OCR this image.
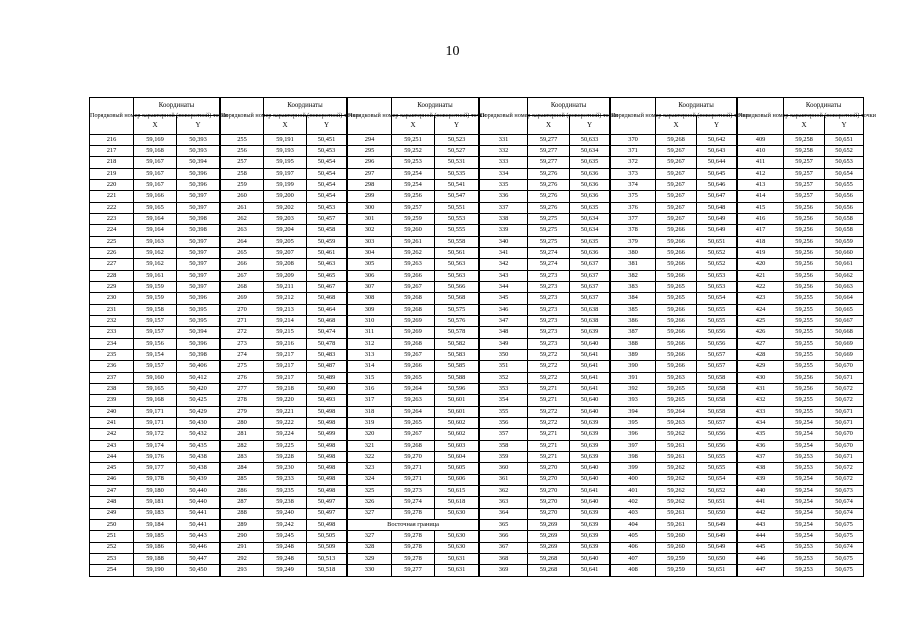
10
Порядковый номер характерной (поворотной) точки	Координаты	
	X	Y
216	59,169	50,393
217	59,168	50,393
218	59,167	50,394
219	59,167	50,396
220	59,167	50,396
221	59,166	50,397
222	59,165	50,397
223	59,164	50,398
224	59,164	50,398
225	59,163	50,397
226	59,162	50,397
227	59,162	50,397
228	59,161	50,397
229	59,159	50,397
230	59,159	50,396
231	59,158	50,395
232	59,157	50,395
233	59,157	50,394
234	59,156	50,396
235	59,154	50,398
236	59,157	50,406
237	59,160	50,412
238	59,165	50,420
239	59,168	50,425
240	59,171	50,429
241	59,171	50,430
242	59,172	50,432
243	59,174	50,435
244	59,176	50,438
245	59,177	50,438
246	59,178	50,439
247	59,180	50,440
248	59,181	50,440
249	59,183	50,441
250	59,184	50,441
251	59,185	50,443
252	59,186	50,446
253	59,188	50,447
254	59,190	50,450
Порядковый номер характерной (поворотной) точки	Координаты	
	X	Y
255	59,191	50,451
256	59,193	50,453
257	59,195	50,454
258	59,197	50,454
259	59,199	50,454
260	59,200	50,454
261	59,202	50,453
262	59,203	50,457
263	59,204	50,458
264	59,205	50,459
265	59,207	50,461
266	59,208	50,463
267	59,209	50,465
268	59,211	50,467
269	59,212	50,468
270	59,213	50,464
271	59,214	50,468
272	59,215	50,474
273	59,216	50,478
274	59,217	50,483
275	59,217	50,487
276	59,217	50,489
277	59,218	50,490
278	59,220	50,493
279	59,221	50,498
280	59,222	50,498
281	59,224	50,499
282	59,225	50,498
283	59,228	50,498
284	59,230	50,498
285	59,233	50,498
286	59,235	50,498
287	59,238	50,497
288	59,240	50,497
289	59,242	50,498
290	59,245	50,505
291	59,248	50,509
292	59,248	50,513
293	59,249	50,518
Порядковый номер характерной (поворотной) точки	Координаты	
	X	Y
294	59,251	50,523
295	59,252	50,527
296	59,253	50,531
297	59,254	50,535
298	59,254	50,541
299	59,256	50,547
300	59,257	50,551
301	59,259	50,553
302	59,260	50,555
303	59,261	50,558
304	59,262	50,561
305	59,263	50,563
306	59,266	50,563
307	59,267	50,566
308	59,268	50,568
309	59,268	50,575
310	59,269	50,576
311	59,269	50,578
312	59,268	50,582
313	59,267	50,583
314	59,266	50,585
315	59,265	50,588
316	59,264	50,596
317	59,263	50,601
318	59,264	50,601
319	59,265	50,602
320	59,267	50,602
321	59,268	50,603
322	59,270	50,604
323	59,271	50,605
324	59,271	50,606
325	59,273	50,615
326	59,274	50,618
327	59,278	50,630
Восточная граница		
327	59,278	50,630
328	59,278	50,630
329	59,278	50,631
330	59,277	50,631
Порядковый номер характерной (поворотной) точки	Координаты	
	X	Y
331	59,277	50,633
332	59,277	50,634
333	59,277	50,635
334	59,276	50,636
335	59,276	50,636
336	59,276	50,636
337	59,276	50,635
338	59,275	50,634
339	59,275	50,634
340	59,275	50,635
341	59,274	50,636
342	59,274	50,637
343	59,273	50,637
344	59,273	50,637
345	59,273	50,637
346	59,273	50,638
347	59,273	50,638
348	59,273	50,639
349	59,273	50,640
350	59,272	50,641
351	59,272	50,641
352	59,272	50,641
353	59,271	50,641
354	59,271	50,640
355	59,272	50,640
356	59,272	50,639
357	59,271	50,639
358	59,271	50,639
359	59,271	50,639
360	59,270	50,640
361	59,270	50,640
362	59,270	50,641
363	59,270	50,640
364	59,270	50,639
365	59,269	50,639
366	59,269	50,639
367	59,269	50,639
368	59,268	50,640
369	59,268	50,641
Порядковый номер характерной (поворотной) точки	Координаты	
	X	Y
370	59,268	50,642
371	59,267	50,643
372	59,267	50,644
373	59,267	50,645
374	59,267	50,646
375	59,267	50,647
376	59,267	50,648
377	59,267	50,649
378	59,266	50,649
379	59,266	50,651
380	59,266	50,652
381	59,266	50,652
382	59,266	50,653
383	59,265	50,653
384	59,265	50,654
385	59,266	50,655
386	59,266	50,655
387	59,266	50,656
388	59,266	50,656
389	59,266	50,657
390	59,266	50,657
391	59,263	50,658
392	59,265	50,658
393	59,265	50,658
394	59,264	50,658
395	59,263	50,657
396	59,262	50,656
397	59,261	50,656
398	59,261	50,655
399	59,262	50,655
400	59,262	50,654
401	59,262	50,652
402	59,262	50,651
403	59,261	50,650
404	59,261	50,649
405	59,260	50,649
406	59,260	50,649
407	59,259	50,650
408	59,259	50,651
Порядковый номер характерной (поворотной) точки	Координаты	
	X	Y
409	59,258	50,651
410	59,258	50,652
411	59,257	50,653
412	59,257	50,654
413	59,257	50,655
414	59,257	50,656
415	59,256	50,656
416	59,256	50,658
417	59,256	50,658
418	59,256	50,659
419	59,256	50,660
420	59,256	50,661
421	59,256	50,662
422	59,256	50,663
423	59,255	50,664
424	59,255	50,665
425	59,255	50,667
426	59,255	50,668
427	59,255	50,669
428	59,255	50,669
429	59,255	50,670
430	59,256	50,671
431	59,256	50,672
432	59,255	50,672
433	59,255	50,671
434	59,254	50,671
435	59,254	50,670
436	59,254	50,670
437	59,253	50,671
438	59,253	50,672
439	59,254	50,672
440	59,254	50,673
441	59,254	50,674
442	59,254	50,674
443	59,254	50,675
444	59,254	50,675
445	59,253	50,674
446	59,253	50,675
447	59,253	50,675
